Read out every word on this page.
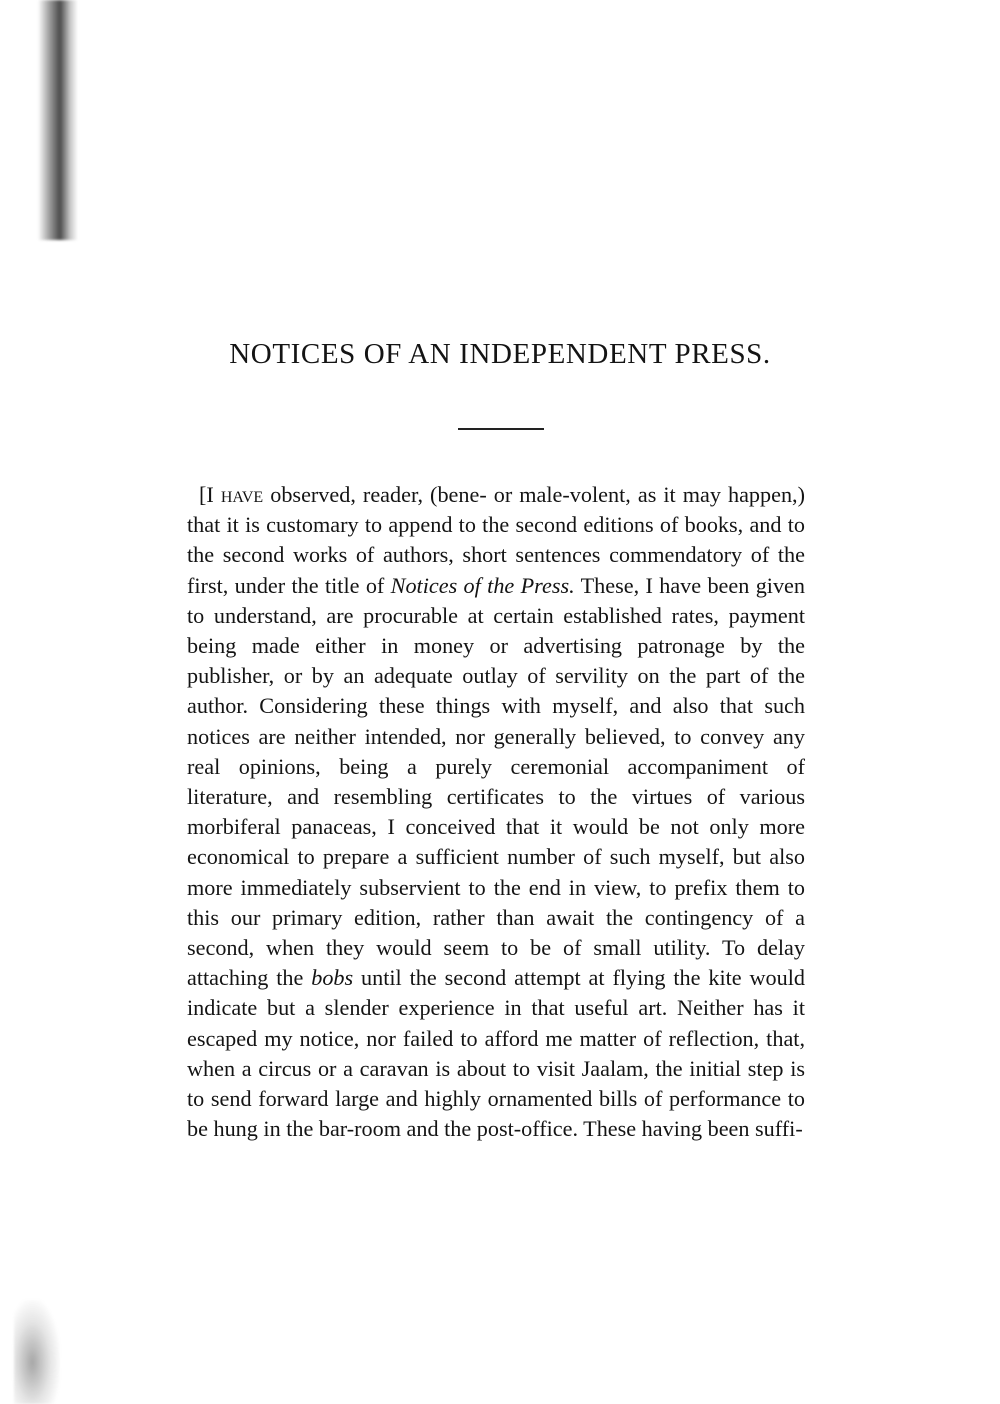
NOTICES OF AN INDEPENDENT PRESS.

[I have observed, reader, (bene- or male-volent, as it may happen,) that it is customary to append to the second editions of books, and to the second works of authors, short sentences commendatory of the first, under the title of Notices of the Press. These, I have been given to understand, are procurable at certain established rates, payment being made either in money or advertising patronage by the publisher, or by an adequate outlay of servility on the part of the author. Considering these things with myself, and also that such notices are neither intended, nor generally believed, to convey any real opinions, being a purely ceremonial accompaniment of literature, and resembling certificates to the virtues of various morbiferal panaceas, I conceived that it would be not only more economical to prepare a sufficient number of such myself, but also more immediately subservient to the end in view, to prefix them to this our primary edition, rather than await the contingency of a second, when they would seem to be of small utility. To delay attaching the bobs until the second attempt at flying the kite would indicate but a slender experience in that useful art. Neither has it escaped my notice, nor failed to afford me matter of reflection, that, when a circus or a caravan is about to visit Jaalam, the initial step is to send forward large and highly ornamented bills of performance to be hung in the bar-room and the post-office. These having been suffi-
